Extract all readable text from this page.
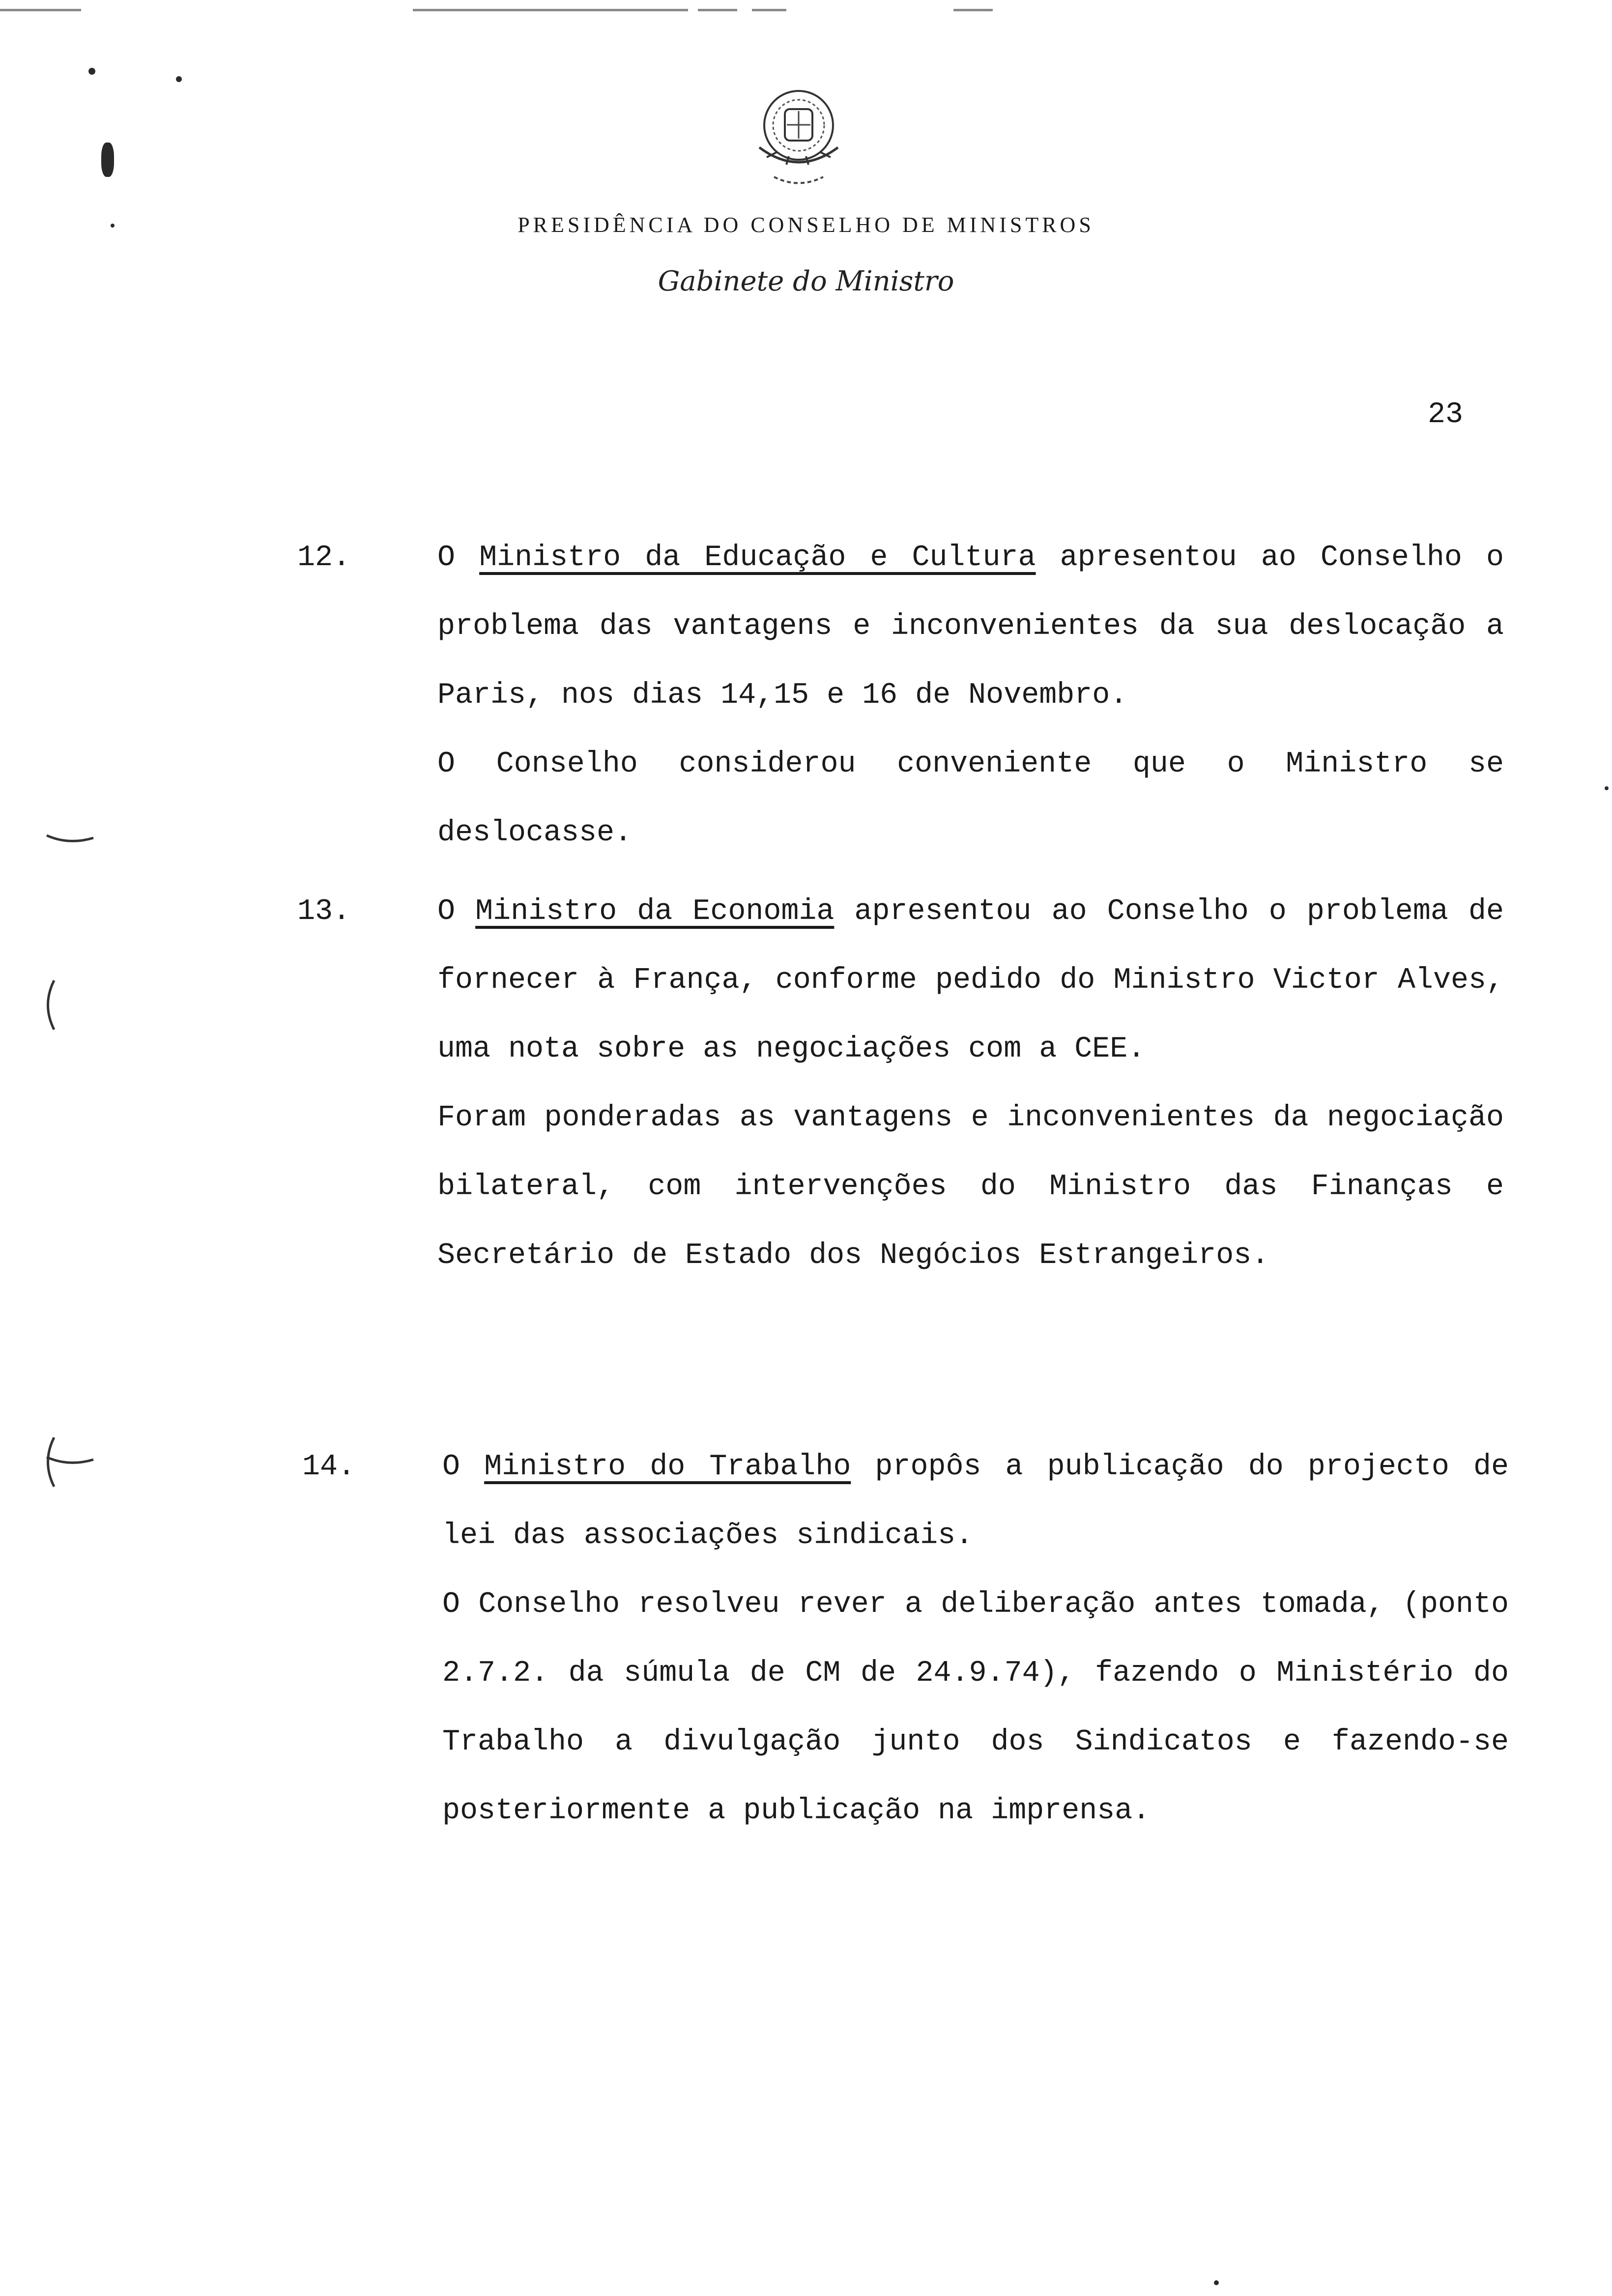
PRESIDÊNCIA DO CONSELHO DE MINISTROS
Gabinete do Ministro
23
12.	O Ministro da Educação e Cultura apresentou ao Conselho o problema das vantagens e inconvenientes da sua deslocação a Paris, nos dias 14,15 e 16 de Novembro.

O Conselho considerou conveniente que o Ministro se deslocasse.

13.	O Ministro da Economia apresentou ao Conselho o problema de fornecer à França, conforme pedido do Ministro Victor Alves, uma nota sobre as negociações com a CEE.

Foram ponderadas as vantagens e inconvenientes da negociação bilateral, com intervenções do Ministro das Finanças e Secretário de Estado dos Negócios Estrangeiros.

14.	O Ministro do Trabalho propôs a publicação do projecto de lei das associações sindicais.

O Conselho resolveu rever a deliberação antes tomada, (ponto 2.7.2. da súmula de CM de 24.9.74), fazendo o Ministério do Trabalho a divulgação junto dos Sindicatos e fazendo-se posteriormente a publicação na imprensa.
